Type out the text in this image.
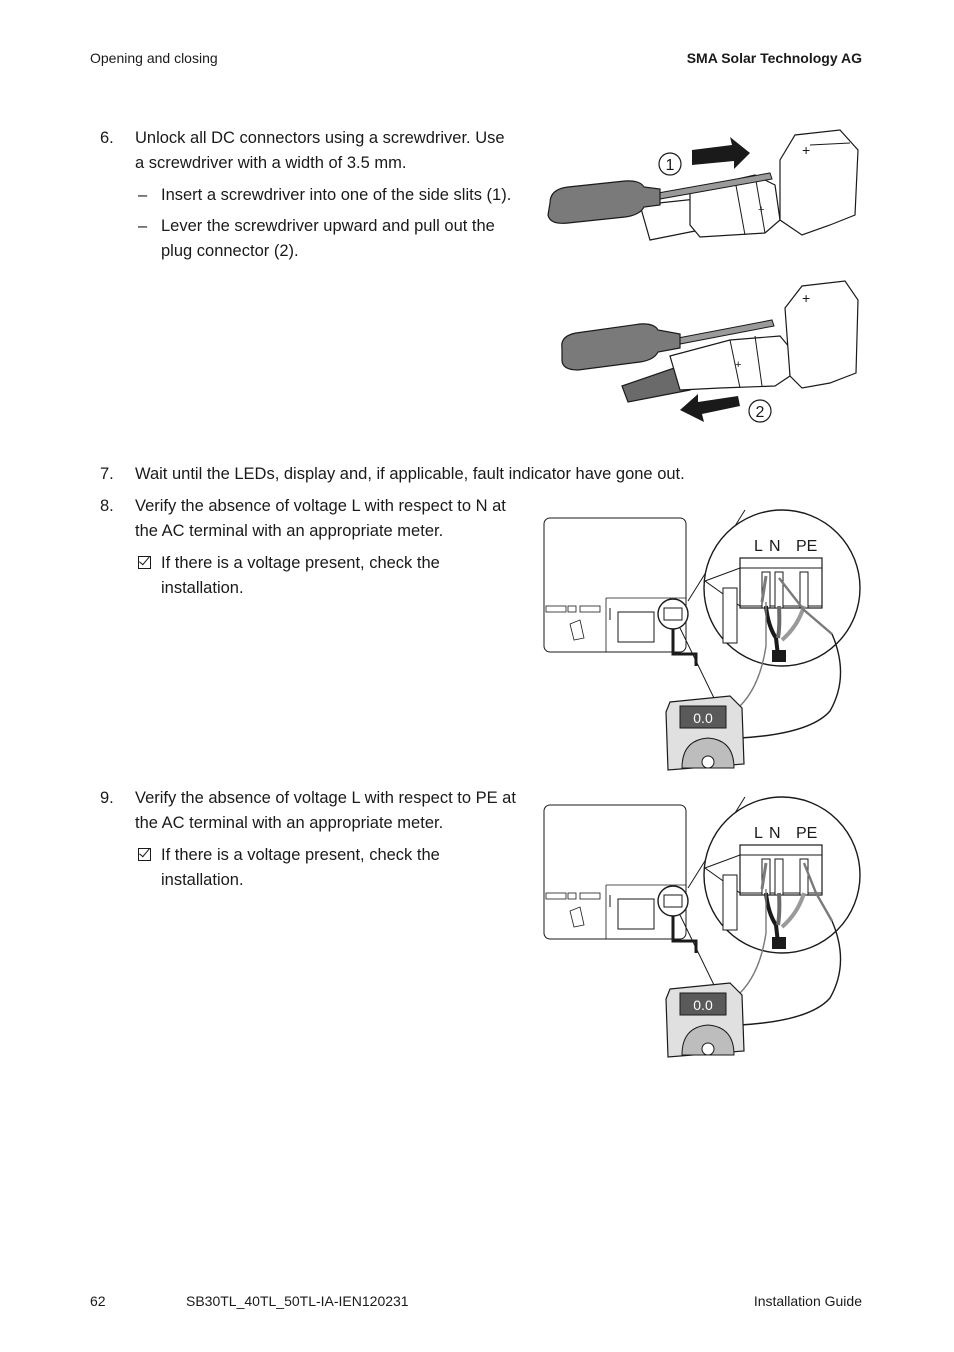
Opening and closing	SMA Solar Technology AG
6. Unlock all DC connectors using a screwdriver. Use
a screwdriver with a width of 3.5 mm.
– Insert a screwdriver into one of the side slits (1).
– Lever the screwdriver upward and pull out the
plug connector (2).
+
+
1
+
+
2
7. Wait until the LEDs, display and, if applicable, fault indicator have gone out.
8. Verify the absence of voltage L with respect to N at
the AC terminal with an appropriate meter.
If there is a voltage present, check the
installation.
L N PE
0.0
9. Verify the absence of voltage L with respect to PE at
the AC terminal with an appropriate meter.
If there is a voltage present, check the
installation.
L N PE
0.0
62	SB30TL_40TL_50TL-IA-IEN120231	Installation Guide
